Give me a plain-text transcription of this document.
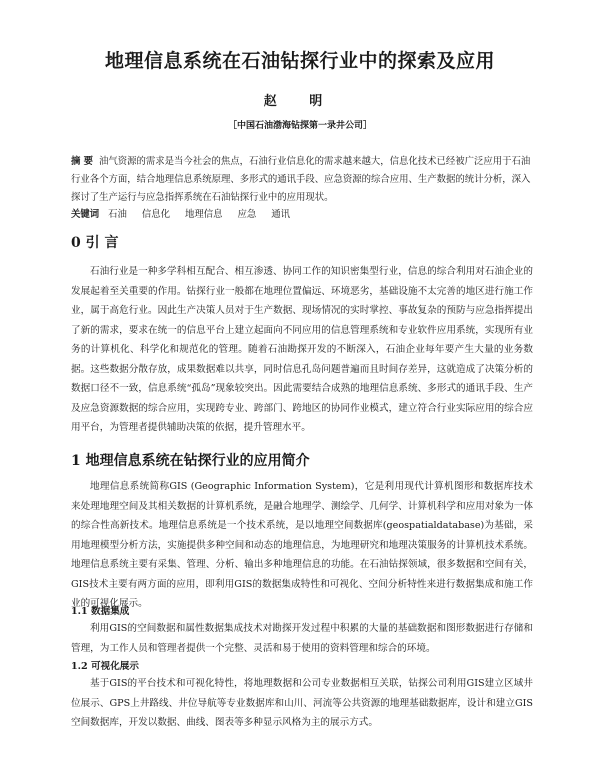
地理信息系统在石油钻探行业中的探索及应用
赵 明
［中国石油渤海钻探第一录井公司］
摘 要 油气资源的需求是当今社会的焦点，石油行业信息化的需求越来越大，信息化技术已经被广泛应用于石油行业各个方面，结合地理信息系统原理、多形式的通讯手段、应急资源的综合应用、生产数据的统计分析，深入探讨了生产运行与应急指挥系统在石油钻探行业中的应用现状。
关键词 石油 信息化 地理信息 应急 通讯
0 引 言
石油行业是一种多学科相互配合、相互渗透、协同工作的知识密集型行业，信息的综合利用对石油企业的发展起着至关重要的作用。钻探行业一般都在地理位置偏远、环境恶劣，基础设施不太完善的地区进行施工作业，属于高危行业。因此生产决策人员对于生产数据、现场情况的实时掌控、事故复杂的预防与应急指挥提出了新的需求，要求在统一的信息平台上建立起面向不同应用的信息管理系统和专业软件应用系统，实现所有业务的计算机化、科学化和规范化的管理。随着石油勘探开发的不断深入，石油企业每年要产生大量的业务数据。这些数据分散存放，成果数据难以共享，同时信息孔岛问题普遍而且时间存差异，这就造成了决策分析的数据口径不一致，信息系统“孤岛”现象较突出。因此需要结合成熟的地理信息系统、多形式的通讯手段、生产及应急资源数据的综合应用，实现跨专业、跨部门、跨地区的协同作业模式，建立符合行业实际应用的综合应用平台，为管理者提供辅助决策的依据，提升管理水平。
1 地理信息系统在钻探行业的应用简介
地理信息系统简称GIS (Geographic Information System)，它是利用现代计算机图形和数据库技术来处理地理空间及其相关数据的计算机系统，是融合地理学、测绘学、几何学、计算机科学和应用对象为一体的综合性高新技术。地理信息系统是一个技术系统，是以地理空间数据库(geospatialdatabase)为基础，采用地理模型分析方法，实施提供多种空间和动态的地理信息，为地理研究和地理决策服务的计算机技术系统。地理信息系统主要有采集、管理、分析、输出多种地理信息的功能。在石油钻探领域，很多数据和空间有关，GIS技术主要有两方面的应用，即利用GIS的数据集成特性和可视化、空间分析特性来进行数据集成和施工作业的可视化展示。
1.1 数据集成
利用GIS的空间数据和属性数据集成技术对勘探开发过程中积累的大量的基础数据和图形数据进行存储和管理，为工作人员和管理者提供一个完整、灵活和易于使用的资料管理和综合的环境。
1.2 可视化展示
基于GIS的平台技术和可视化特性，将地理数据和公司专业数据相互关联，钻探公司利用GIS建立区域井位展示、GPS上井路线、井位导航等专业数据库和山川、河流等公共资源的地理基础数据库，设计和建立GIS空间数据库，开发以数据、曲线、图表等多种显示风格为主的展示方式。
